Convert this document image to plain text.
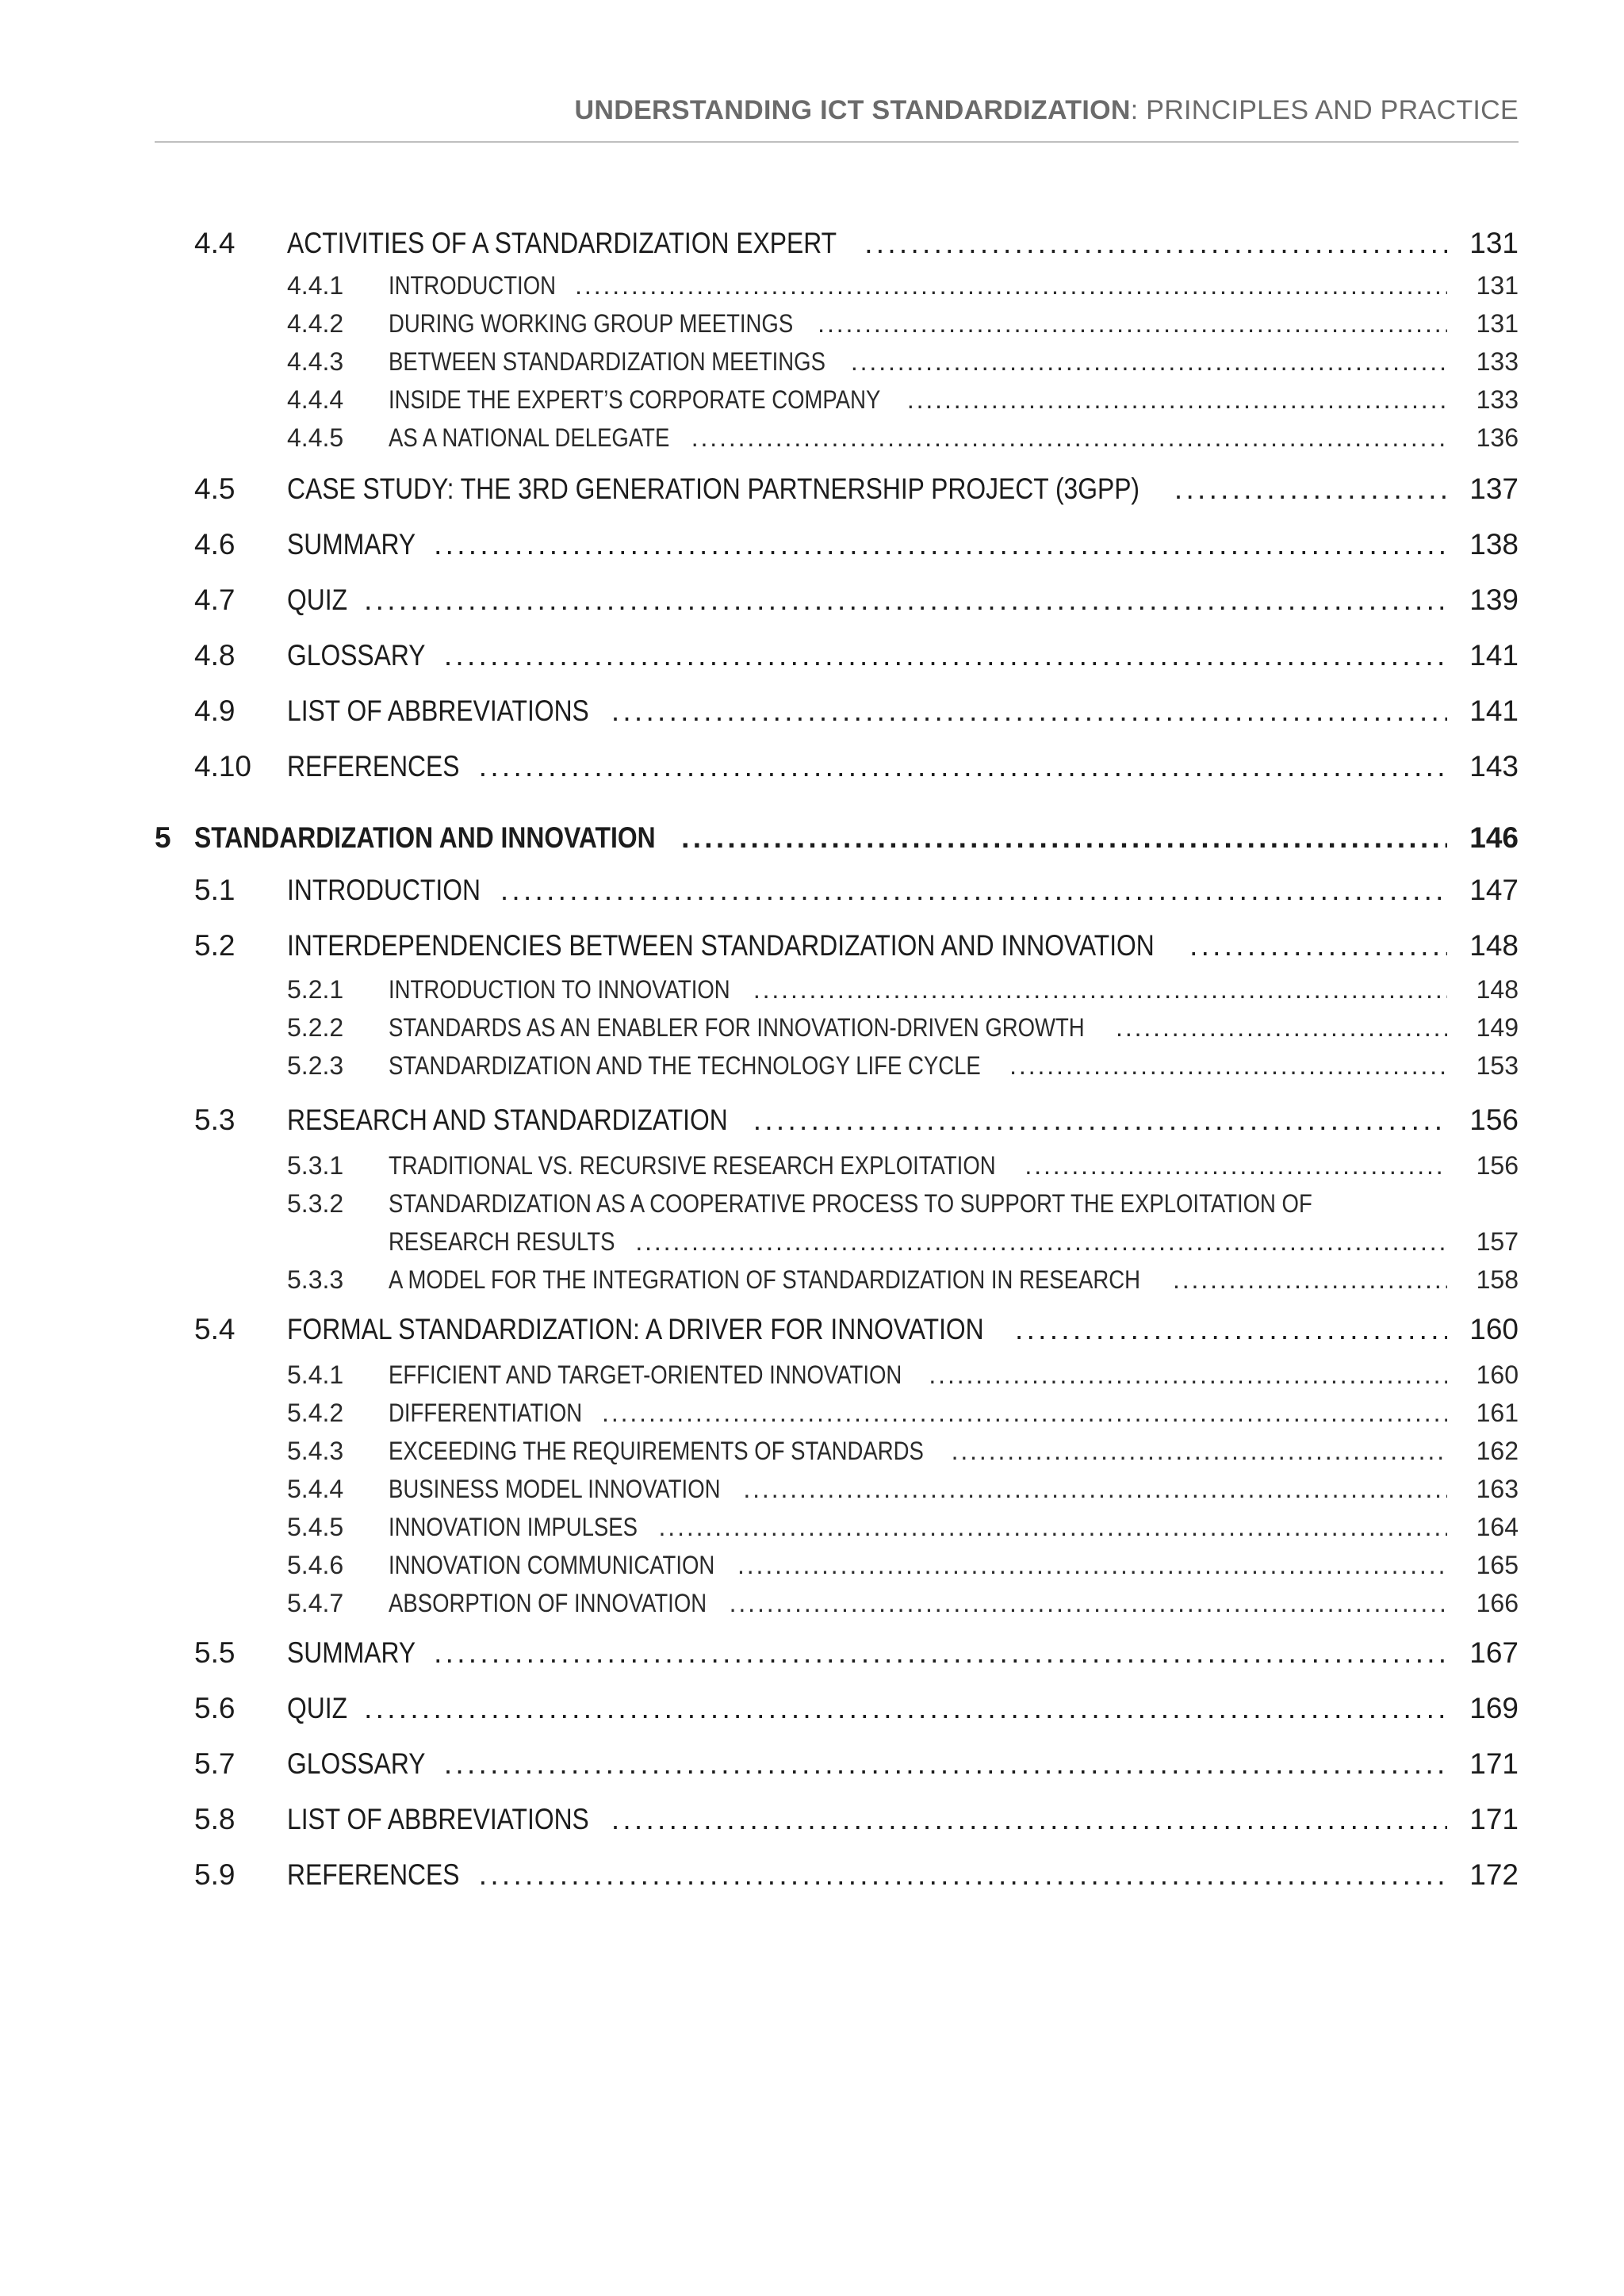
UNDERSTANDING ICT STANDARDIZATION: PRINCIPLES AND PRACTICE
4.4	ACTIVITIES OF A STANDARDIZATION EXPERT . . .	131
4.4.1	INTRODUCTION . . .	131
4.4.2	DURING WORKING GROUP MEETINGS . . .	131
4.4.3	BETWEEN STANDARDIZATION MEETINGS . . .	133
4.4.4	INSIDE THE EXPERT’S CORPORATE COMPANY . . .	133
4.4.5	AS A NATIONAL DELEGATE . . .	136
4.5	CASE STUDY: THE 3RD GENERATION PARTNERSHIP PROJECT (3GPP) . . .	137
4.6	SUMMARY . . .	138
4.7	QUIZ . . .	139
4.8	GLOSSARY . . .	141
4.9	LIST OF ABBREVIATIONS . . .	141
4.10	REFERENCES . . .	143
5 STANDARDIZATION AND INNOVATION . . .	146
5.1	INTRODUCTION . . .	147
5.2	INTERDEPENDENCIES BETWEEN STANDARDIZATION AND INNOVATION . . .	148
5.2.1	INTRODUCTION TO INNOVATION . . .	148
5.2.2	STANDARDS AS AN ENABLER FOR INNOVATION-DRIVEN GROWTH . . .	149
5.2.3	STANDARDIZATION AND THE TECHNOLOGY LIFE CYCLE . . .	153
5.3	RESEARCH AND STANDARDIZATION . . .	156
5.3.1	TRADITIONAL VS. RECURSIVE RESEARCH EXPLOITATION . . .	156
5.3.2	STANDARDIZATION AS A COOPERATIVE PROCESS TO SUPPORT THE EXPLOITATION OF
RESEARCH RESULTS . . .	157
5.3.3	A MODEL FOR THE INTEGRATION OF STANDARDIZATION IN RESEARCH . . .	158
5.4	FORMAL STANDARDIZATION: A DRIVER FOR INNOVATION . . .	160
5.4.1	EFFICIENT AND TARGET-ORIENTED INNOVATION . . .	160
5.4.2	DIFFERENTIATION . . .	161
5.4.3	EXCEEDING THE REQUIREMENTS OF STANDARDS . . .	162
5.4.4	BUSINESS MODEL INNOVATION . . .	163
5.4.5	INNOVATION IMPULSES . . .	164
5.4.6	INNOVATION COMMUNICATION . . .	165
5.4.7	ABSORPTION OF INNOVATION . . .	166
5.5	SUMMARY . . .	167
5.6	QUIZ . . .	169
5.7	GLOSSARY . . .	171
5.8	LIST OF ABBREVIATIONS . . .	171
5.9	REFERENCES . . .	172
